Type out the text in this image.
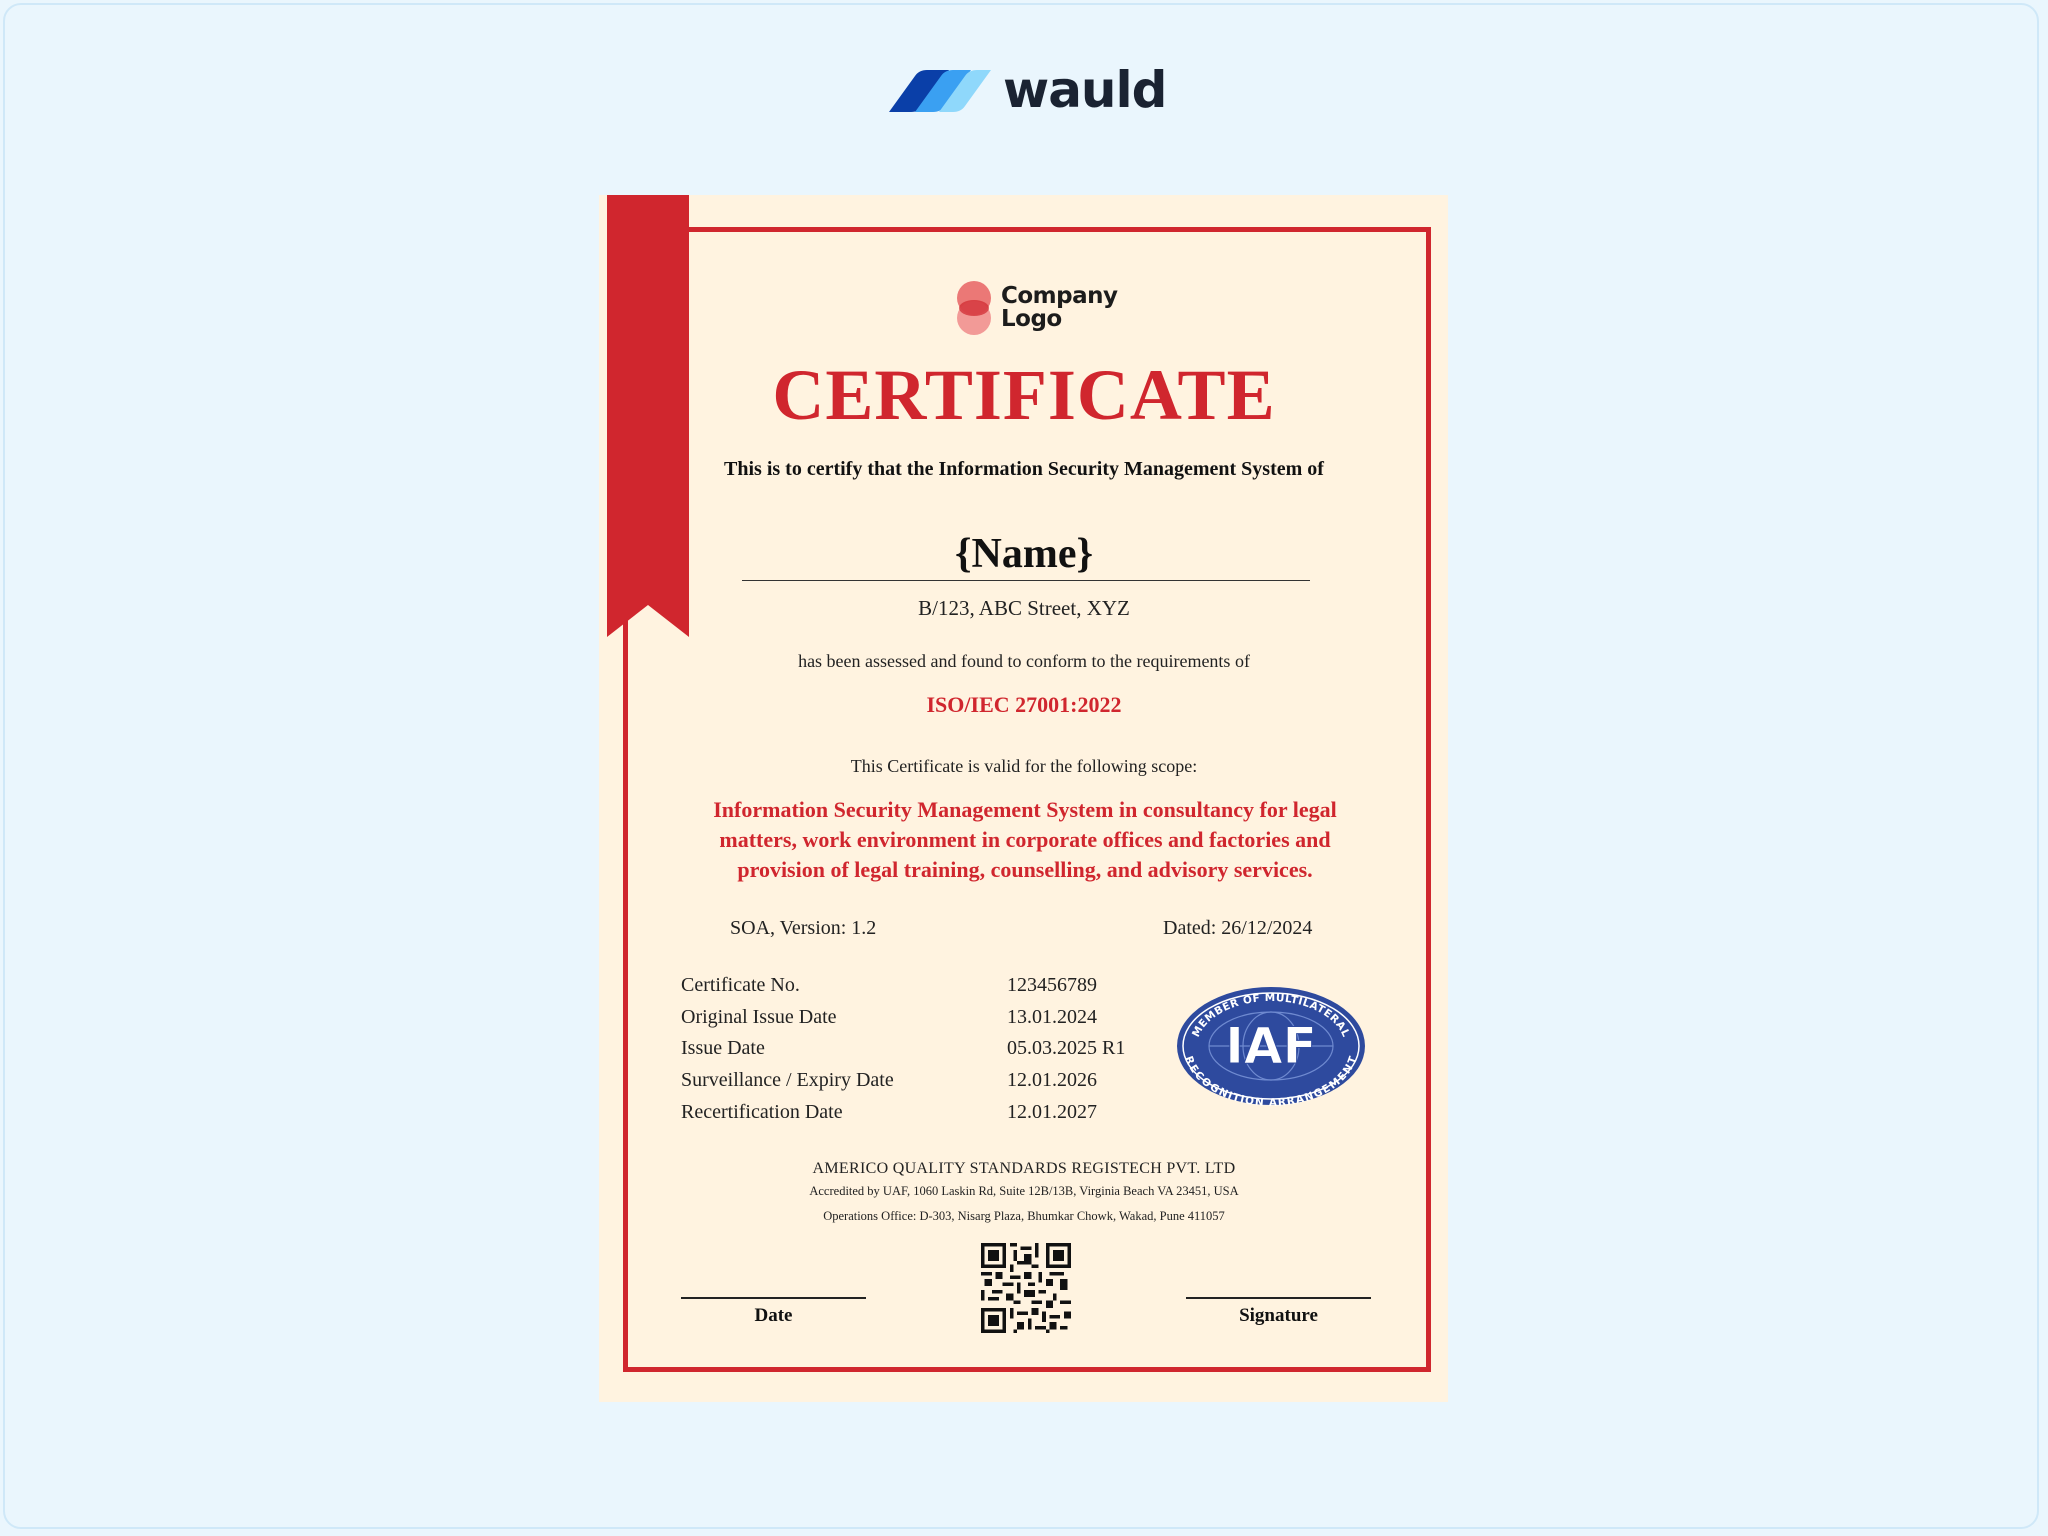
wauld
Company
Logo
CERTIFICATE
This is to certify that the Information Security Management System of
{Name}
B/123, ABC Street, XYZ
has been assessed and found to conform to the requirements of
ISO/IEC 27001:2022
This Certificate is valid for the following scope:
Information Security Management System in consultancy for legal
matters, work environment in corporate offices and factories and
provision of legal training, counselling, and advisory services.
SOA, Version: 1.2	Dated: 26/12/2024
Certificate No.	123456789
Original Issue Date	13.01.2024
Issue Date	05.03.2025 R1
Surveillance / Expiry Date	12.01.2026
Recertification Date	12.01.2027
MEMBER OF MULTILATERAL
RECOGNITION ARRANGEMENT
IAF
AMERICO QUALITY STANDARDS REGISTECH PVT. LTD
Accredited by UAF, 1060 Laskin Rd, Suite 12B/13B, Virginia Beach VA 23451, USA
Operations Office: D-303, Nisarg Plaza, Bhumkar Chowk, Wakad, Pune 411057
Date	Signature
